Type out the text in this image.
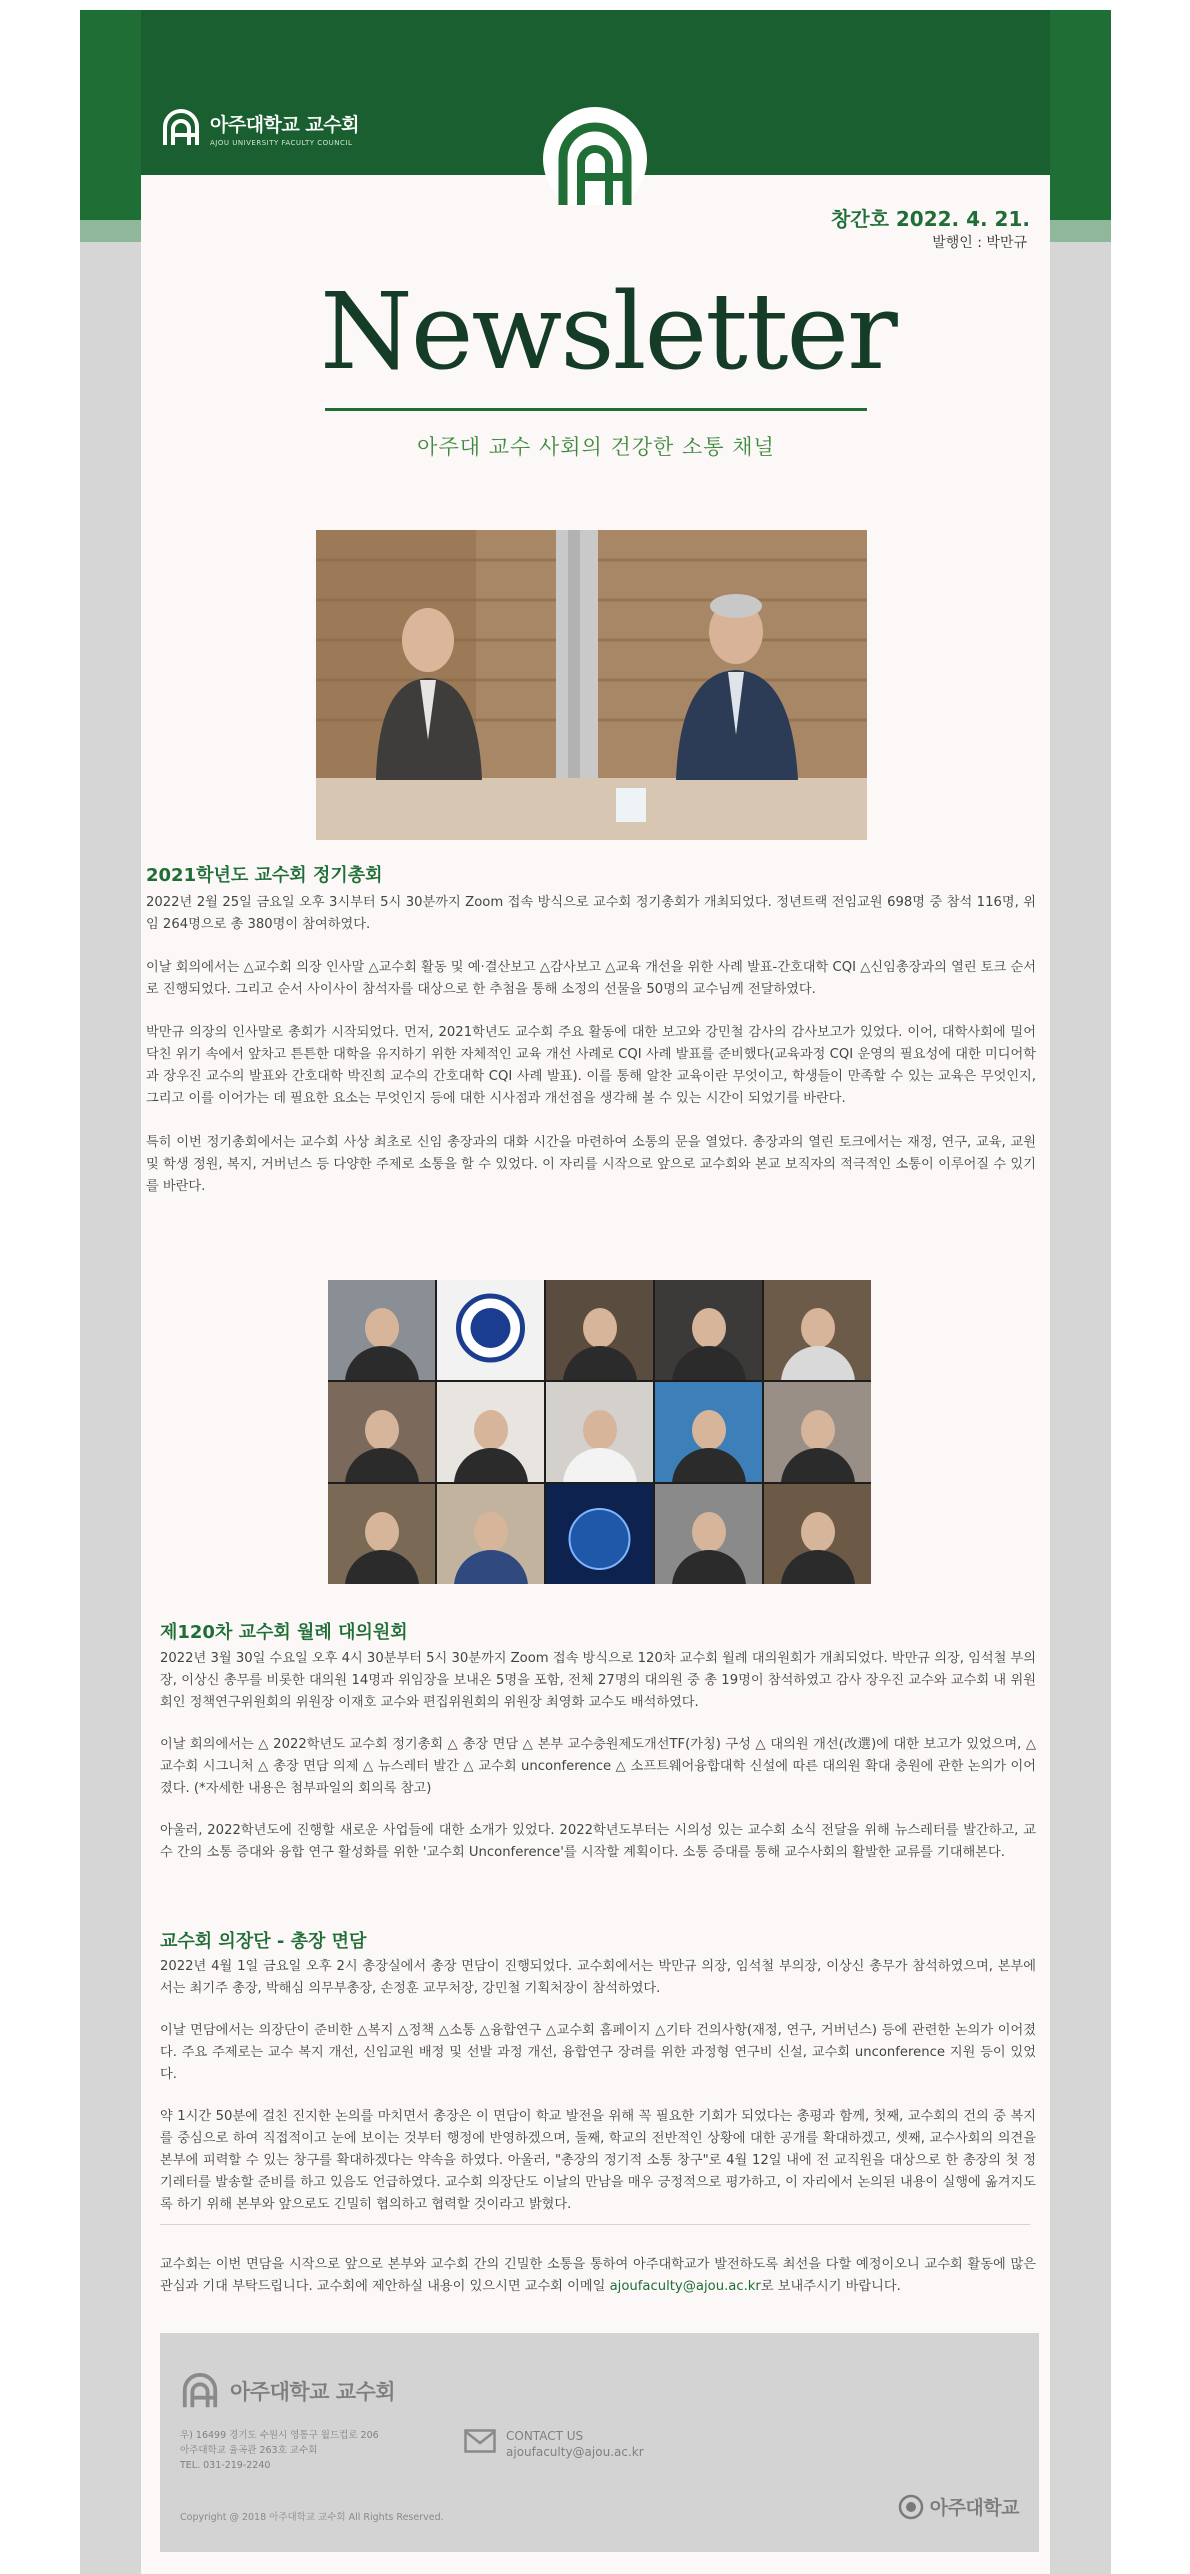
아주대학교 교수회
AJOU UNIVERSITY FACULTY COUNCIL
창간호 2022. 4. 21.
발행인 : 박만규
Newsletter
아주대 교수 사회의 건강한 소통 채널
2021학년도 교수회 정기총회
2022년 2월 25일 금요일 오후 3시부터 5시 30분까지 Zoom 접속 방식으로 교수회 정기총회가 개최되었다. 정년트랙 전임교원 698명 중 참석 116명, 위임 264명으로 총 380명이 참여하였다.
이날 회의에서는 △교수회 의장 인사말 △교수회 활동 및 예·결산보고 △감사보고 △교육 개선을 위한 사례 발표-간호대학 CQI △신임총장과의 열린 토크 순서로 진행되었다. 그리고 순서 사이사이 참석자를 대상으로 한 추첨을 통해 소정의 선물을 50명의 교수님께 전달하였다.
박만규 의장의 인사말로 총회가 시작되었다. 먼저, 2021학년도 교수회 주요 활동에 대한 보고와 강민철 감사의 감사보고가 있었다. 이어, 대학사회에 밀어닥친 위기 속에서 앞차고 튼튼한 대학을 유지하기 위한 자체적인 교육 개선 사례로 CQI 사례 발표를 준비했다(교육과정 CQI 운영의 필요성에 대한 미디어학과 장우진 교수의 발표와 간호대학 박진희 교수의 간호대학 CQI 사례 발표). 이를 통해 알찬 교육이란 무엇이고, 학생들이 만족할 수 있는 교육은 무엇인지, 그리고 이를 이어가는 데 필요한 요소는 무엇인지 등에 대한 시사점과 개선점을 생각해 볼 수 있는 시간이 되었기를 바란다.
특히 이번 정기총회에서는 교수회 사상 최초로 신임 총장과의 대화 시간을 마련하여 소통의 문을 열었다. 총장과의 열린 토크에서는 재정, 연구, 교육, 교원 및 학생 정원, 복지, 거버넌스 등 다양한 주제로 소통을 할 수 있었다. 이 자리를 시작으로 앞으로 교수회와 본교 보직자의 적극적인 소통이 이루어질 수 있기를 바란다.
제120차 교수회 월례 대의원회
2022년 3월 30일 수요일 오후 4시 30분부터 5시 30분까지 Zoom 접속 방식으로 120차 교수회 월례 대의원회가 개최되었다. 박만규 의장, 임석철 부의장, 이상신 총무를 비롯한 대의원 14명과 위임장을 보내온 5명을 포함, 전체 27명의 대의원 중 총 19명이 참석하였고 감사 장우진 교수와 교수회 내 위원회인 정책연구위원회의 위원장 이재호 교수와 편집위원회의 위원장 최영화 교수도 배석하였다.
이날 회의에서는 △ 2022학년도 교수회 정기총회 △ 총장 면담 △ 본부 교수충원제도개선TF(가칭) 구성 △ 대의원 개선(改選)에 대한 보고가 있었으며, △ 교수회 시그니처 △ 총장 면담 의제 △ 뉴스레터 발간 △ 교수회 unconference △ 소프트웨어융합대학 신설에 따른 대의원 확대 충원에 관한 논의가 이어졌다. (*자세한 내용은 첨부파일의 회의록 참고)
아울러, 2022학년도에 진행할 새로운 사업들에 대한 소개가 있었다. 2022학년도부터는 시의성 있는 교수회 소식 전달을 위해 뉴스레터를 발간하고, 교수 간의 소통 증대와 융합 연구 활성화를 위한 '교수회 Unconference'를 시작할 계획이다. 소통 증대를 통해 교수사회의 활발한 교류를 기대해본다.
교수회 의장단 - 총장 면담
2022년 4월 1일 금요일 오후 2시 총장실에서 총장 면담이 진행되었다. 교수회에서는 박만규 의장, 임석철 부의장, 이상신 총무가 참석하였으며, 본부에서는 최기주 총장, 박해심 의무부총장, 손정훈 교무처장, 강민철 기획처장이 참석하였다.
이날 면담에서는 의장단이 준비한 △복지 △정책 △소통 △융합연구 △교수회 홈페이지 △기타 건의사항(재정, 연구, 거버넌스) 등에 관련한 논의가 이어졌다. 주요 주제로는 교수 복지 개선, 신임교원 배정 및 선발 과정 개선, 융합연구 장려를 위한 과정형 연구비 신설, 교수회 unconference 지원 등이 있었다.
약 1시간 50분에 걸친 진지한 논의를 마치면서 총장은 이 면담이 학교 발전을 위해 꼭 필요한 기회가 되었다는 총평과 함께, 첫째, 교수회의 건의 중 복지를 중심으로 하여 직접적이고 눈에 보이는 것부터 행정에 반영하겠으며, 둘째, 학교의 전반적인 상황에 대한 공개를 확대하겠고, 셋째, 교수사회의 의견을 본부에 피력할 수 있는 창구를 확대하겠다는 약속을 하였다. 아울러, "총장의 정기적 소통 창구"로 4월 12일 내에 전 교직원을 대상으로 한 총장의 첫 정기레터를 발송할 준비를 하고 있음도 언급하였다. 교수회 의장단도 이날의 만남을 매우 긍정적으로 평가하고, 이 자리에서 논의된 내용이 실행에 옮겨지도록 하기 위해 본부와 앞으로도 긴밀히 협의하고 협력할 것이라고 밝혔다.
교수회는 이번 면담을 시작으로 앞으로 본부와 교수회 간의 긴밀한 소통을 통하여 아주대학교가 발전하도록 최선을 다할 예정이오니 교수회 활동에 많은 관심과 기대 부탁드립니다. 교수회에 제안하실 내용이 있으시면 교수회 이메일 ajoufaculty@ajou.ac.kr로 보내주시기 바랍니다.
아주대학교 교수회
우) 16499 경기도 수원시 영통구 월드컵로 206
아주대학교 율곡관 263호 교수회
TEL. 031-219-2240
CONTACT US
ajoufaculty@ajou.ac.kr
Copyright @ 2018 아주대학교 교수회 All Rights Reserved.	아주대학교
